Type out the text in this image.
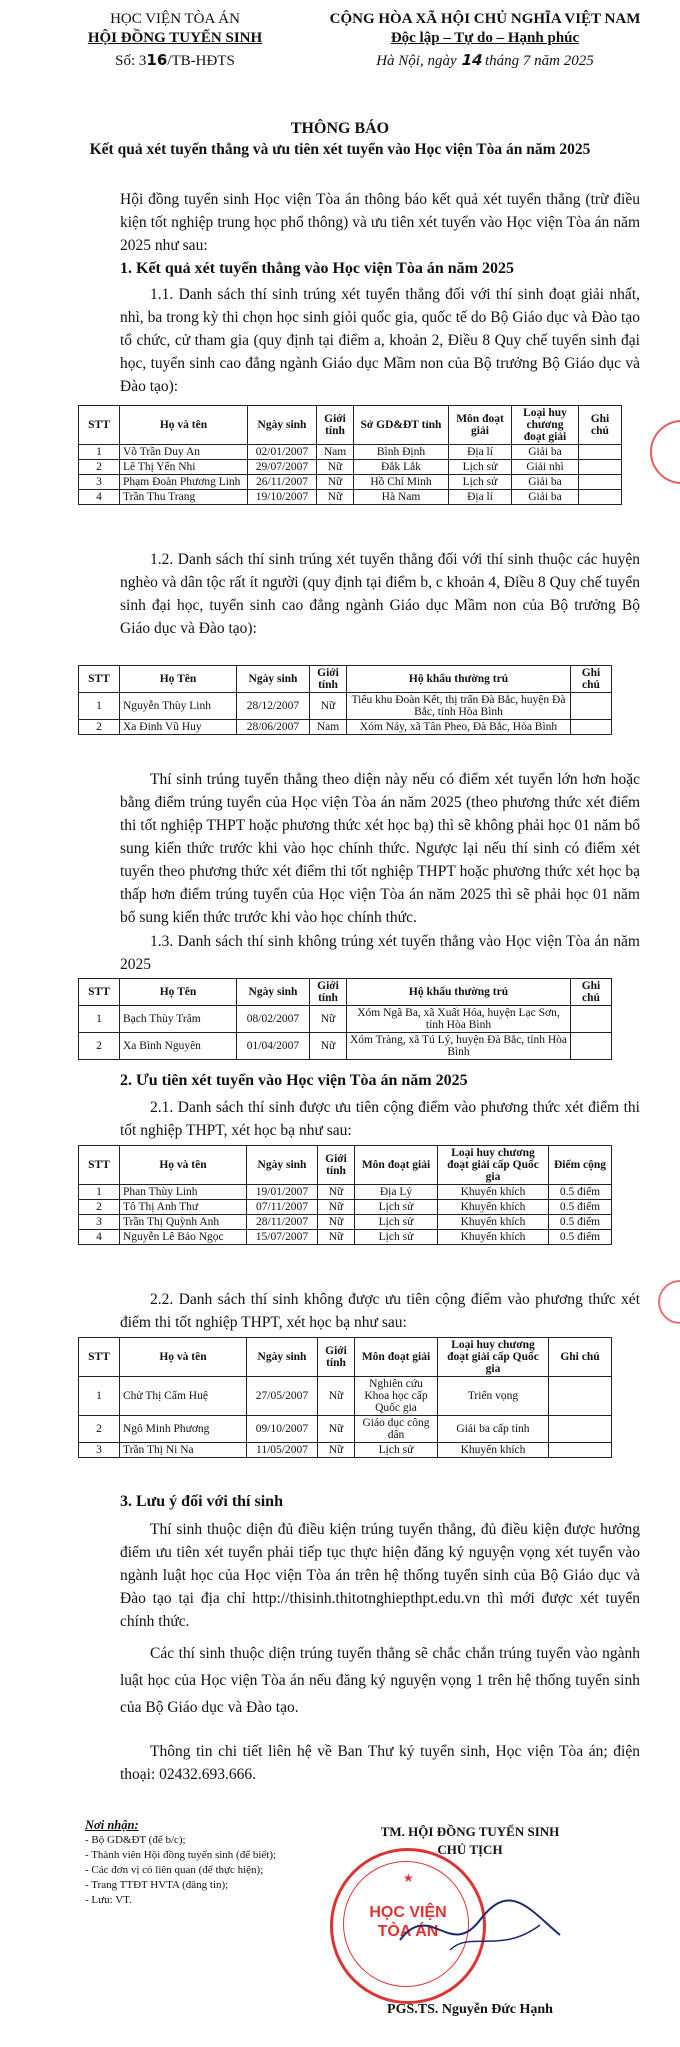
HỌC VIỆN TÒA ÁN
HỘI ĐỒNG TUYỂN SINH
Số: 3𝟭𝟲/TB-HĐTS
CỘNG HÒA XÃ HỘI CHỦ NGHĨA VIỆT NAM
Độc lập – Tự do – Hạnh phúc
Hà Nội, ngày 𝟭𝟰 tháng 7 năm 2025
THÔNG BÁO
Kết quả xét tuyển thẳng và ưu tiên xét tuyển vào Học viện Tòa án năm 2025
Hội đồng tuyển sinh Học viện Tòa án thông báo kết quả xét tuyển thẳng (trừ điều kiện tốt nghiệp trung học phổ thông) và ưu tiên xét tuyển vào Học viện Tòa án năm 2025 như sau:
1. Kết quả xét tuyển thẳng vào Học viện Tòa án năm 2025
1.1. Danh sách thí sinh trúng xét tuyển thẳng đối với thí sinh đoạt giải nhất, nhì, ba trong kỳ thi chọn học sinh giỏi quốc gia, quốc tế do Bộ Giáo dục và Đào tạo tổ chức, cử tham gia (quy định tại điểm a, khoản 2, Điều 8 Quy chế tuyển sinh đại học, tuyển sinh cao đẳng ngành Giáo dục Mầm non của Bộ trưởng Bộ Giáo dục và Đào tạo):
STT	Họ và tên	Ngày sinh	Giới tính	Sở GD&ĐT tỉnh	Môn đoạt giải	Loại huy chương đoạt giải	Ghi chú
1	Võ Trần Duy An	02/01/2007	Nam	Bình Định	Địa lí	Giải ba	
2	Lê Thị Yến Nhi	29/07/2007	Nữ	Đắk Lắk	Lịch sử	Giải nhì	
3	Phạm Đoàn Phương Linh	26/11/2007	Nữ	Hồ Chí Minh	Lịch sử	Giải ba	
4	Trần Thu Trang	19/10/2007	Nữ	Hà Nam	Địa lí	Giải ba	
1.2. Danh sách thí sinh trúng xét tuyển thẳng đối với thí sinh thuộc các huyện nghèo và dân tộc rất ít người (quy định tại điểm b, c khoản 4, Điều 8 Quy chế tuyển sinh đại học, tuyển sinh cao đẳng ngành Giáo dục Mầm non của Bộ trưởng Bộ Giáo dục và Đào tạo):
STT	Họ Tên	Ngày sinh	Giới tính	Hộ khẩu thường trú	Ghi chú
1	Nguyễn Thùy Linh	28/12/2007	Nữ	Tiểu khu Đoàn Kết, thị trấn Đà Bắc, huyện Đà Bắc, tỉnh Hòa Bình	
2	Xa Đinh Vũ Huy	28/06/2007	Nam	Xóm Náy, xã Tân Pheo, Đà Bắc, Hòa Bình	
Thí sinh trúng tuyển thẳng theo diện này nếu có điểm xét tuyển lớn hơn hoặc bằng điểm trúng tuyển của Học viện Tòa án năm 2025 (theo phương thức xét điểm thi tốt nghiệp THPT hoặc phương thức xét học bạ) thì sẽ không phải học 01 năm bổ sung kiến thức trước khi vào học chính thức. Ngược lại nếu thí sinh có điểm xét tuyển theo phương thức xét điểm thi tốt nghiệp THPT hoặc phương thức xét học bạ thấp hơn điểm trúng tuyển của Học viện Tòa án năm 2025 thì sẽ phải học 01 năm bổ sung kiến thức trước khi vào học chính thức.
1.3. Danh sách thí sinh không trúng xét tuyển thẳng vào Học viện Tòa án năm 2025
STT	Họ Tên	Ngày sinh	Giới tính	Hộ khẩu thường trú	Ghi chú
1	Bạch Thùy Trâm	08/02/2007	Nữ	Xóm Ngã Ba, xã Xuất Hóa, huyện Lạc Sơn, tỉnh Hòa Bình	
2	Xa Bình Nguyên	01/04/2007	Nữ	Xóm Tràng, xã Tú Lý, huyện Đà Bắc, tỉnh Hòa Bình	
2. Ưu tiên xét tuyển vào Học viện Tòa án năm 2025
2.1. Danh sách thí sinh được ưu tiên cộng điểm vào phương thức xét điểm thi tốt nghiệp THPT, xét học bạ như sau:
STT	Họ và tên	Ngày sinh	Giới tính	Môn đoạt giải	Loại huy chương đoạt giải cấp Quốc gia	Điểm cộng
1	Phan Thùy Linh	19/01/2007	Nữ	Địa Lý	Khuyến khích	0.5 điểm
2	Tô Thị Anh Thư	07/11/2007	Nữ	Lịch sử	Khuyến khích	0.5 điểm
3	Trần Thị Quỳnh Anh	28/11/2007	Nữ	Lịch sử	Khuyến khích	0.5 điểm
4	Nguyễn Lê Bảo Ngọc	15/07/2007	Nữ	Lịch sử	Khuyến khích	0.5 điểm
2.2. Danh sách thí sinh không được ưu tiên cộng điểm vào phương thức xét điểm thi tốt nghiệp THPT, xét học bạ như sau:
STT	Họ và tên	Ngày sinh	Giới tính	Môn đoạt giải	Loại huy chương đoạt giải cấp Quốc gia	Ghi chú
1	Chử Thị Cẩm Huệ	27/05/2007	Nữ	Nghiên cứu Khoa học cấp Quốc gia	Triển vọng	
2	Ngô Minh Phương	09/10/2007	Nữ	Giáo dục công dân	Giải ba cấp tỉnh	
3	Trần Thị Ni Na	11/05/2007	Nữ	Lịch sử	Khuyến khích	
3. Lưu ý đối với thí sinh
Thí sinh thuộc diện đủ điều kiện trúng tuyển thẳng, đủ điều kiện được hưởng điểm ưu tiên xét tuyển phải tiếp tục thực hiện đăng ký nguyện vọng xét tuyển vào ngành luật học của Học viện Tòa án trên hệ thống tuyển sinh của Bộ Giáo dục và Đào tạo tại địa chỉ http://thisinh.thitotnghiepthpt.edu.vn thì mới được xét tuyển chính thức.
Các thí sinh thuộc diện trúng tuyển thẳng sẽ chắc chắn trúng tuyển vào ngành luật học của Học viện Tòa án nếu đăng ký nguyện vọng 1 trên hệ thống tuyển sinh của Bộ Giáo dục và Đào tạo.
Thông tin chi tiết liên hệ về Ban Thư ký tuyển sinh, Học viện Tòa án; điện thoại: 02432.693.666.
Nơi nhận:
- Bộ GD&ĐT (để b/c);
- Thành viên Hội đồng tuyển sinh (để biết);
- Các đơn vị có liên quan (để thực hiện);
- Trang TTĐT HVTA (đăng tin);
- Lưu: VT.
TM. HỘI ĐỒNG TUYỂN SINH
CHỦ TỊCH
HỌC VIỆN TÒA ÁN
★
PGS.TS. Nguyễn Đức Hạnh
